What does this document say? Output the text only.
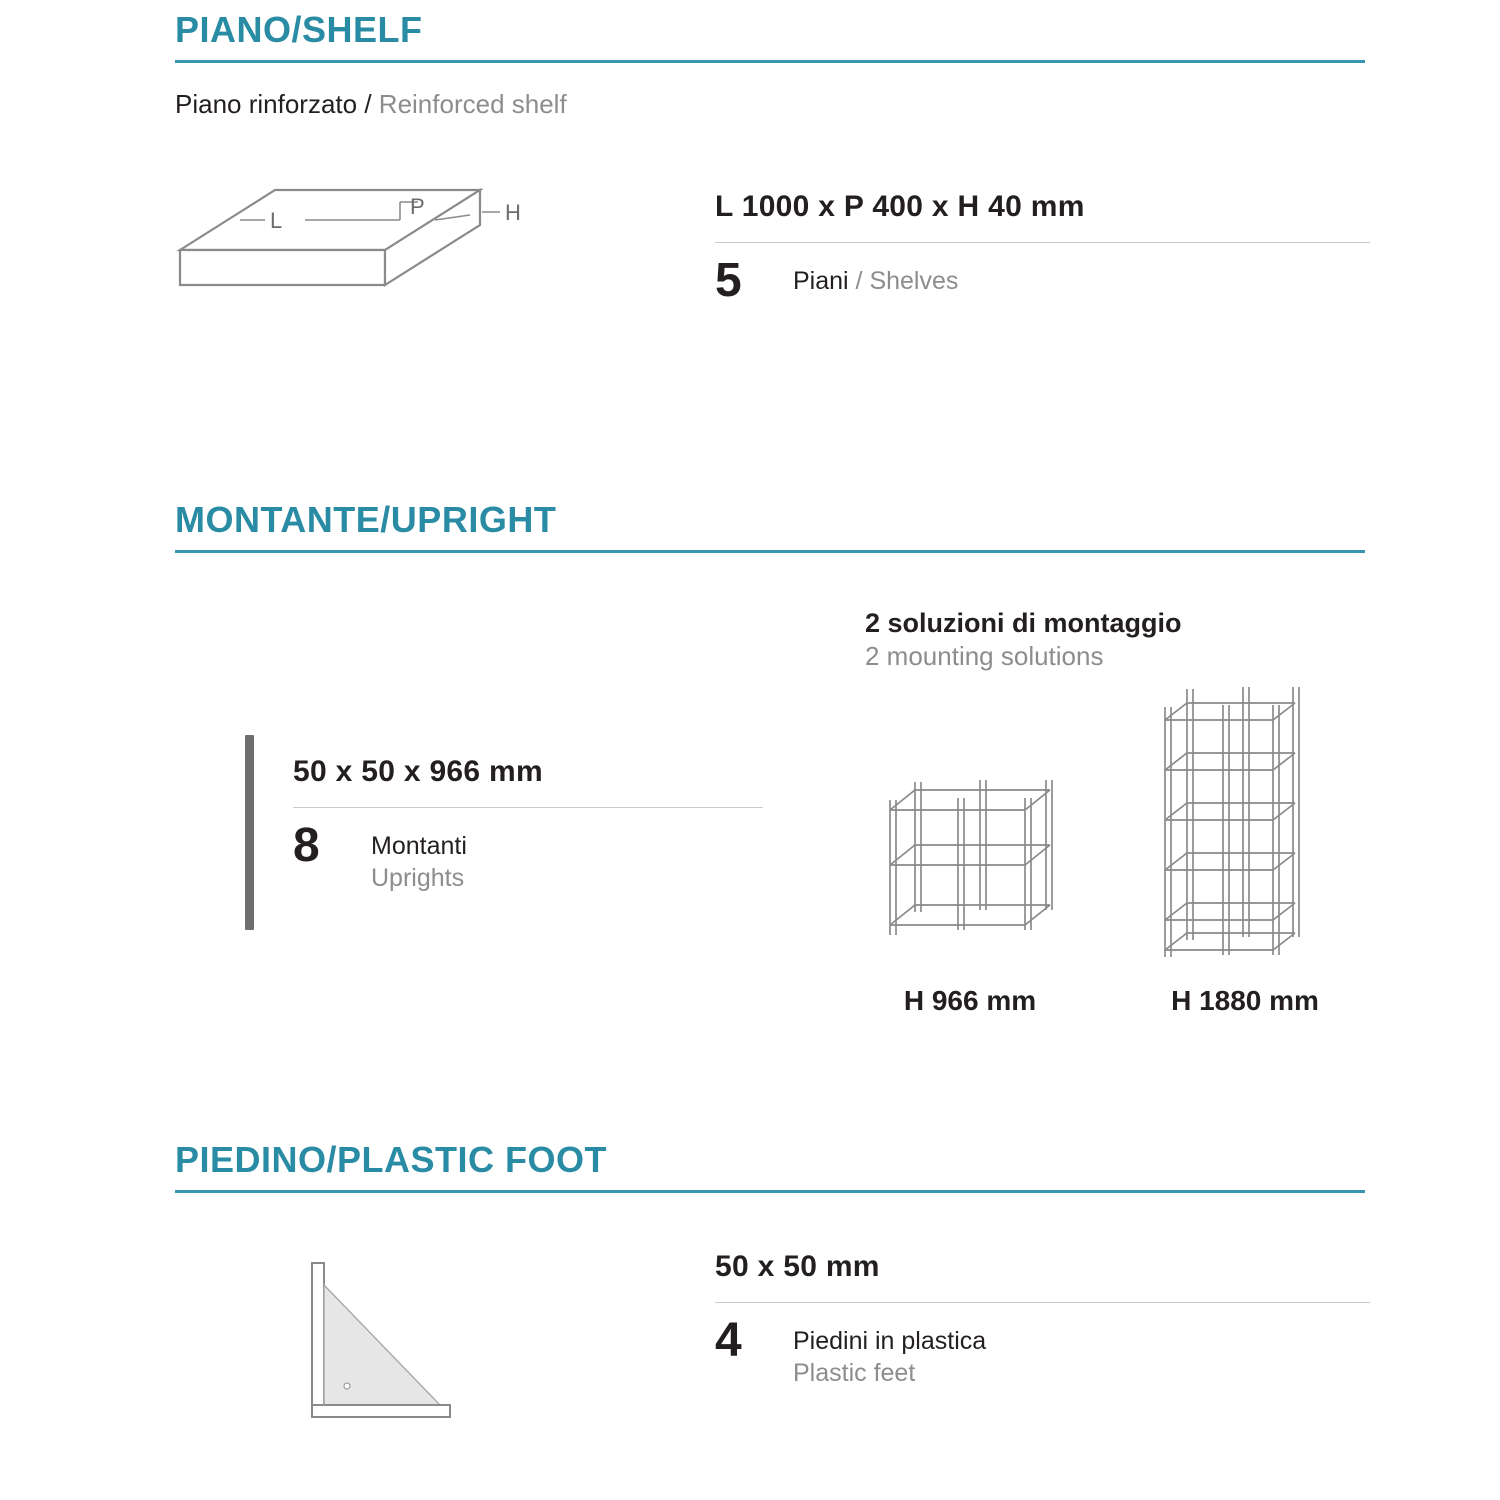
PIANO/SHELF
Piano rinforzato / Reinforced shelf
L
P	H	L 1000 x P 400 x H 40 mm
5	Piani / Shelves
MONTANTE/UPRIGHT
50 x 50 x 966 mm
8	Montanti
Uprights
2 soluzioni di montaggio
2 mounting solutions
H 966 mm	H 1880 mm
PIEDINO/PLASTIC FOOT
50 x 50 mm
4	Piedini in plastica
Plastic feet
